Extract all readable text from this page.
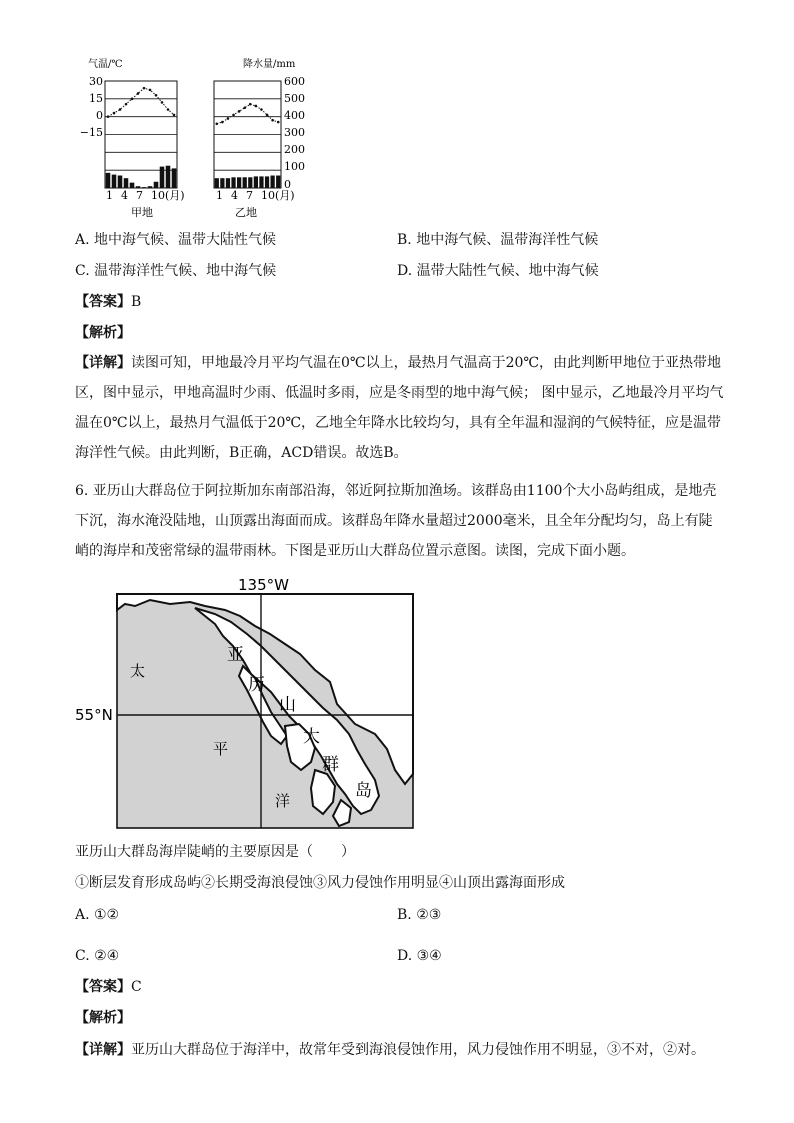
气温/℃	降水量/mm
30
15
0
−15
600
500
400
300
200
100
0
1 4 7 10(月)	1 4 7 10(月)
甲地	乙地
A. 地中海气候、温带大陆性气候	B. 地中海气候、温带海洋性气候
C. 温带海洋性气候、地中海气候	D. 温带大陆性气候、地中海气候
【答案】B
【解析】
【详解】读图可知，甲地最冷月平均气温在0℃以上，最热月气温高于20℃，由此判断甲地位于亚热带地区，图中显示，甲地高温时少雨、低温时多雨，应是冬雨型的地中海气候； 图中显示，乙地最冷月平均气温在0℃以上，最热月气温低于20℃，乙地全年降水比较均匀，具有全年温和湿润的气候特征，应是温带海洋性气候。由此判断，B正确，ACD错误。故选B。
6. 亚历山大群岛位于阿拉斯加东南部沿海，邻近阿拉斯加渔场。该群岛由1100个大小岛屿组成，是地壳下沉，海水淹没陆地，山顶露出海面而成。该群岛年降水量超过2000毫米，且全年分配均匀，岛上有陡峭的海岸和茂密常绿的温带雨林。下图是亚历山大群岛位置示意图。读图，完成下面小题。
135°W
55°N
太
平
洋
亚
历
山
大
群
岛
亚历山大群岛海岸陡峭的主要原因是（　　）
①断层发育形成岛屿②长期受海浪侵蚀③风力侵蚀作用明显④山顶出露海面形成
A. ①②	B. ②③
C. ②④	D. ③④
【答案】C
【解析】
【详解】亚历山大群岛位于海洋中，故常年受到海浪侵蚀作用，风力侵蚀作用不明显，③不对，②对。
